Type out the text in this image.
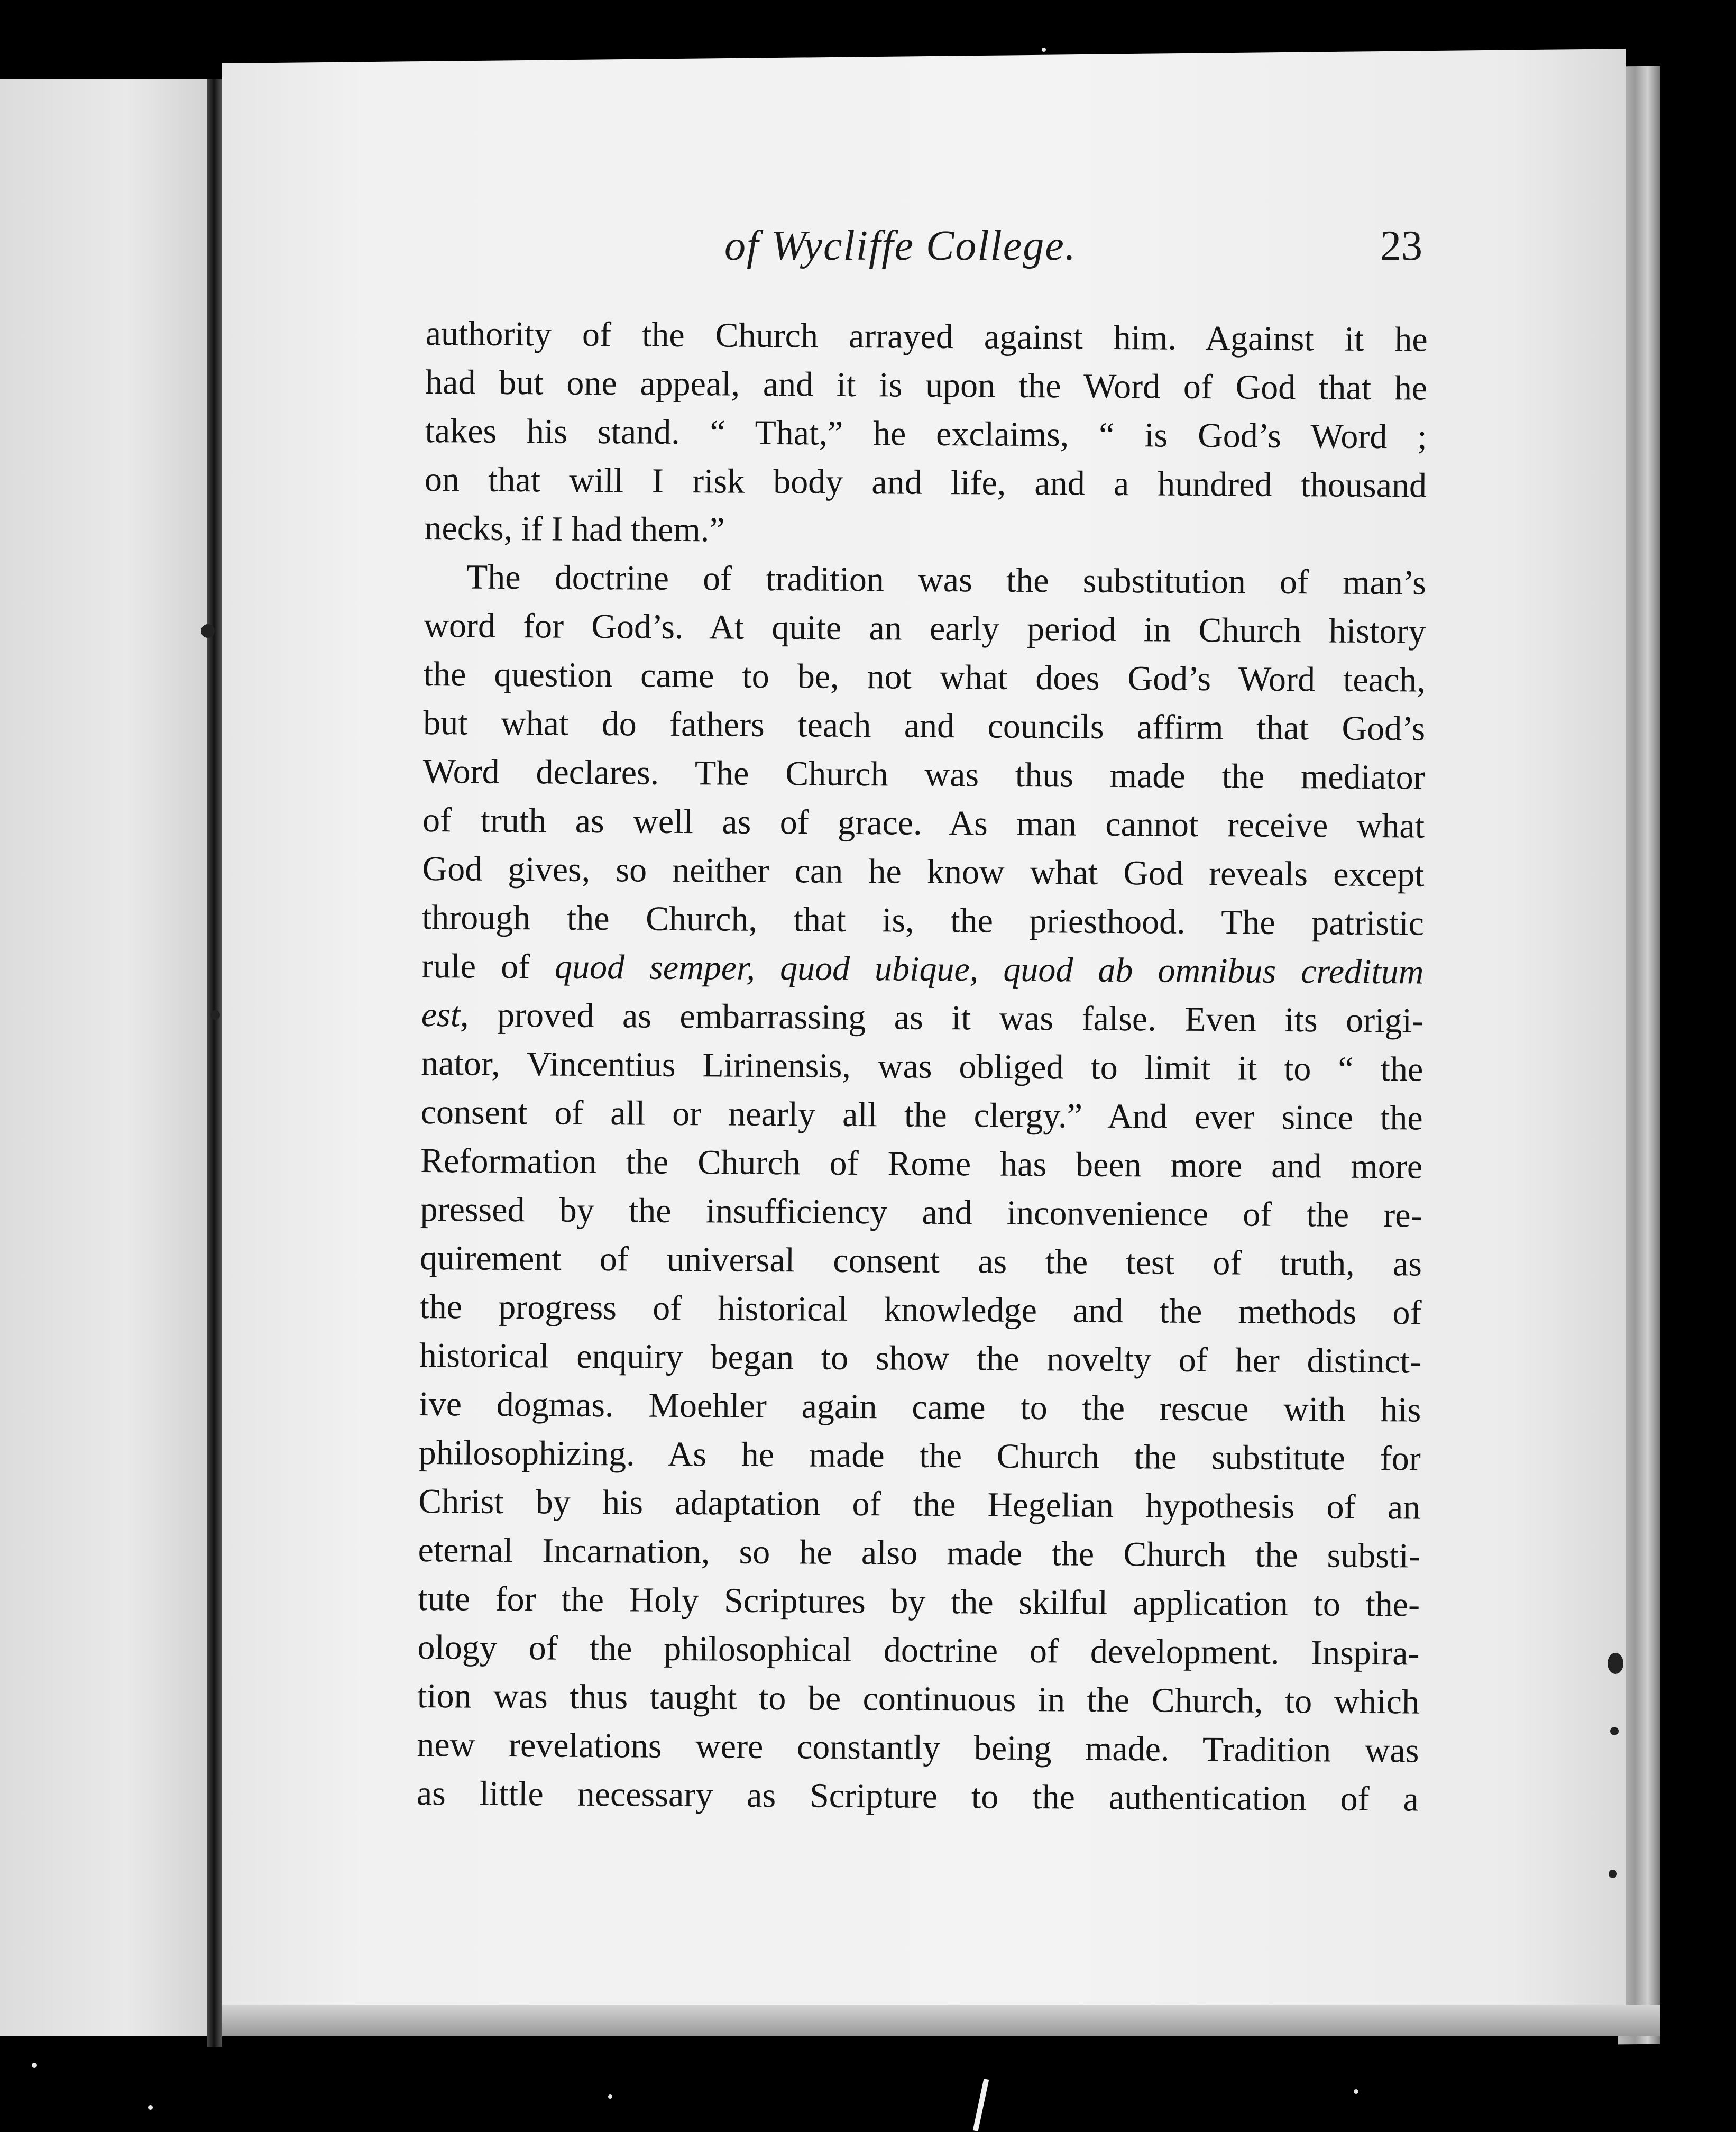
of Wycliffe College.	23
authority of the Church arrayed against him. Against it he
had but one appeal, and it is upon the Word of God that he
takes his stand. “ That,” he exclaims, “ is God’s Word ;
on that will I risk body and life, and a hundred thousand
necks, if I had them.”
The doctrine of tradition was the substitution of man’s
word for God’s. At quite an early period in Church history
the question came to be, not what does God’s Word teach,
but what do fathers teach and councils affirm that God’s
Word declares. The Church was thus made the mediator
of truth as well as of grace. As man cannot receive what
God gives, so neither can he know what God reveals except
through the Church, that is, the priesthood. The patristic
rule of quod semper, quod ubique, quod ab omnibus creditum
est, proved as embarrassing as it was false. Even its origi-
nator, Vincentius Lirinensis, was obliged to limit it to “ the
consent of all or nearly all the clergy.” And ever since the
Reformation the Church of Rome has been more and more
pressed by the insufficiency and inconvenience of the re-
quirement of universal consent as the test of truth, as
the progress of historical knowledge and the methods of
historical enquiry began to show the novelty of her distinct-
ive dogmas. Moehler again came to the rescue with his
philosophizing. As he made the Church the substitute for
Christ by his adaptation of the Hegelian hypothesis of an
eternal Incarnation, so he also made the Church the substi-
tute for the Holy Scriptures by the skilful application to the-
ology of the philosophical doctrine of development. Inspira-
tion was thus taught to be continuous in the Church, to which
new revelations were constantly being made. Tradition was
as little necessary as Scripture to the authentication of a
